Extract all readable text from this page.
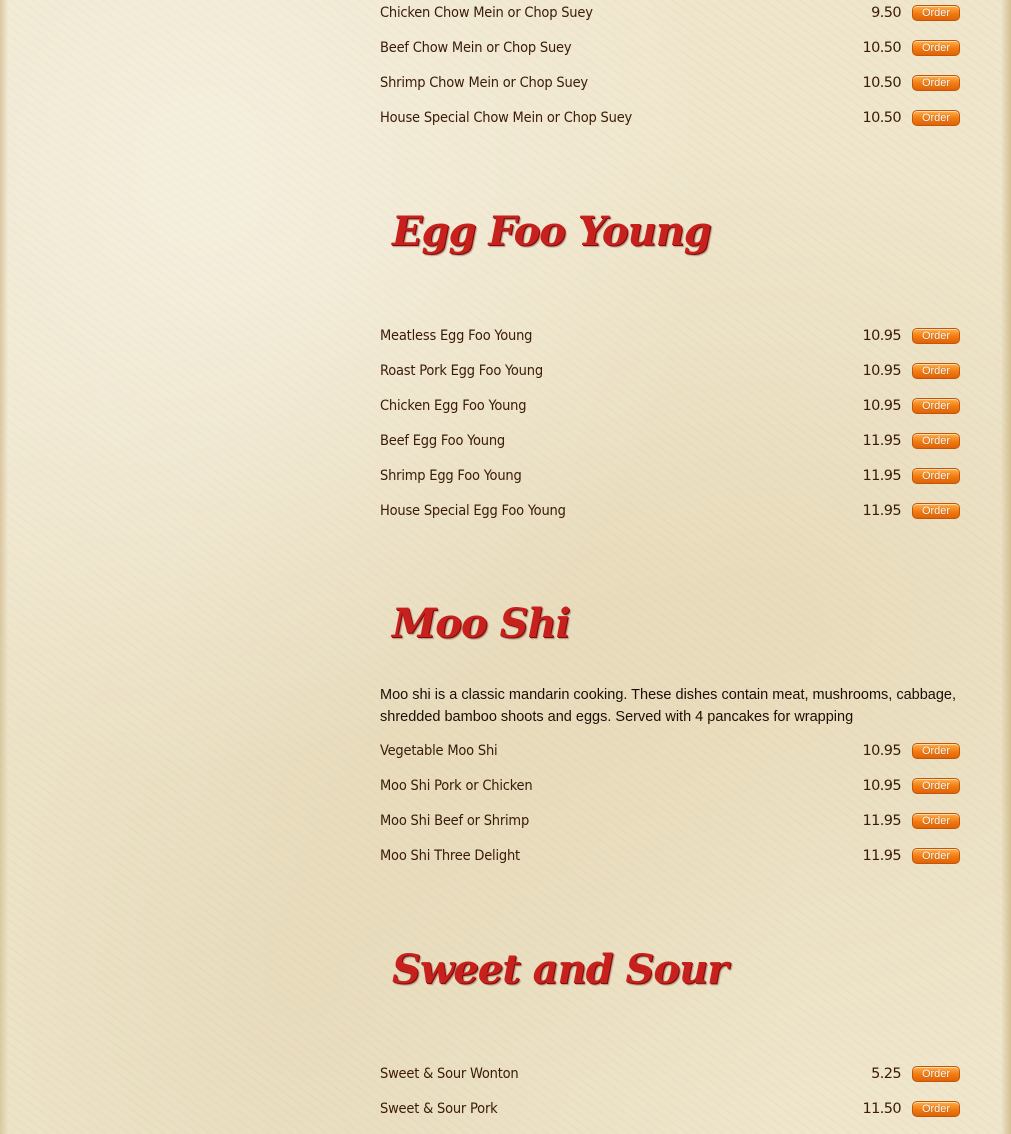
Chicken Chow Mein or Chop Suey	9.50	Order
Beef Chow Mein or Chop Suey	10.50	Order
Shrimp Chow Mein or Chop Suey	10.50	Order
House Special Chow Mein or Chop Suey	10.50	Order
Egg Foo Young
Meatless Egg Foo Young	10.95	Order
Roast Pork Egg Foo Young	10.95	Order
Chicken Egg Foo Young	10.95	Order
Beef Egg Foo Young	11.95	Order
Shrimp Egg Foo Young	11.95	Order
House Special Egg Foo Young	11.95	Order
Moo Shi
Moo shi is a classic mandarin cooking. These dishes contain meat, mushrooms, cabbage, shredded bamboo shoots and eggs. Served with 4 pancakes for wrapping
Vegetable Moo Shi	10.95	Order
Moo Shi Pork or Chicken	10.95	Order
Moo Shi Beef or Shrimp	11.95	Order
Moo Shi Three Delight	11.95	Order
Sweet and Sour
Sweet & Sour Wonton	5.25	Order
Sweet & Sour Pork	11.50	Order
